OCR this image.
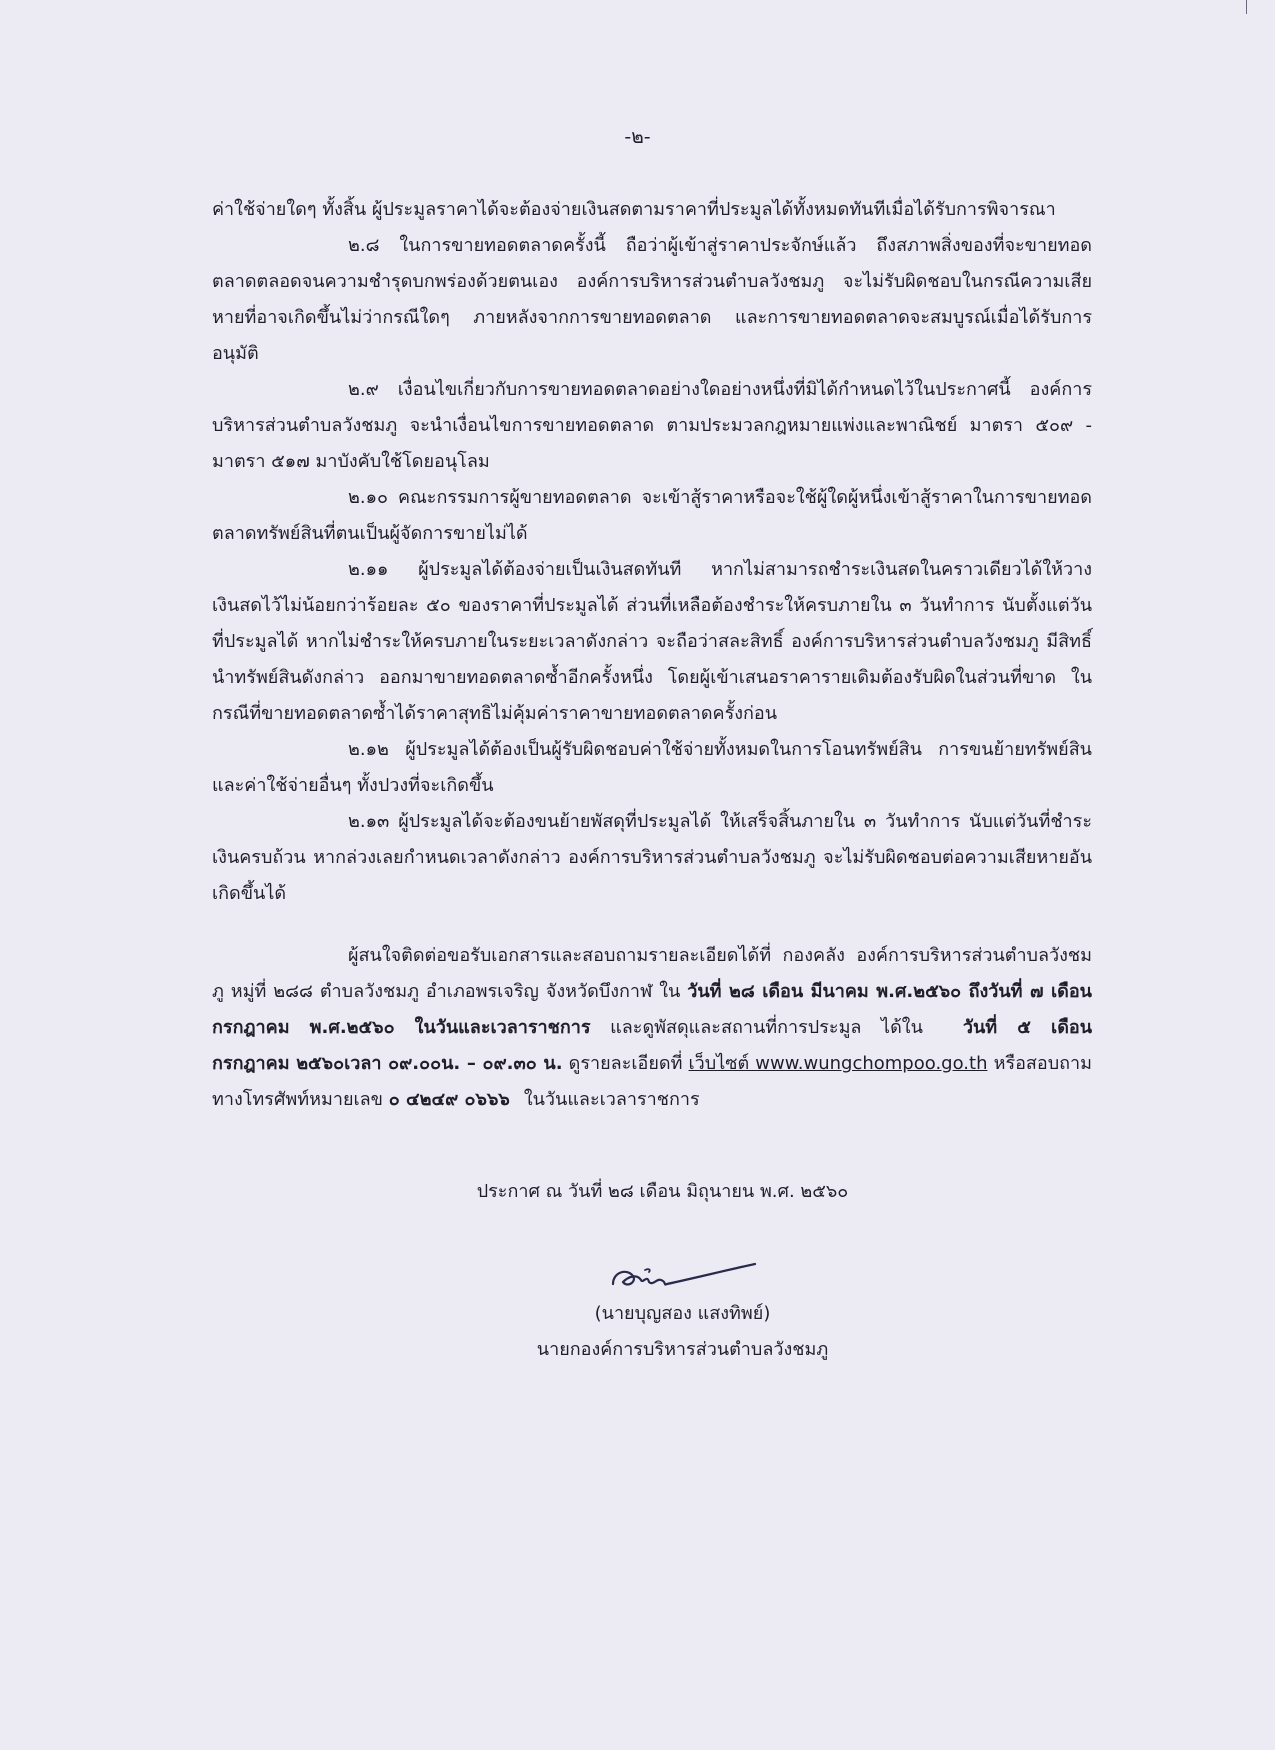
-๒-

ค่าใช้จ่ายใดๆ ทั้งสิ้น ผู้ประมูลราคาได้จะต้องจ่ายเงินสดตามราคาที่ประมูลได้ทั้งหมดทันทีเมื่อได้รับการพิจารณา

๒.๘ ในการขายทอดตลาดครั้งนี้ ถือว่าผู้เข้าสู่ราคาประจักษ์แล้ว ถึงสภาพสิ่งของที่จะขายทอดตลาดตลอดจนความชำรุดบกพร่องด้วยตนเอง องค์การบริหารส่วนตำบลวังชมภู จะไม่รับผิดชอบในกรณีความเสียหายที่อาจเกิดขึ้นไม่ว่ากรณีใดๆ ภายหลังจากการขายทอดตลาด และการขายทอดตลาดจะสมบูรณ์เมื่อได้รับการอนุมัติ

๒.๙ เงื่อนไขเกี่ยวกับการขายทอดตลาดอย่างใดอย่างหนึ่งที่มิได้กำหนดไว้ในประกาศนี้ องค์การบริหารส่วนตำบลวังชมภู จะนำเงื่อนไขการขายทอดตลาด ตามประมวลกฎหมายแพ่งและพาณิชย์ มาตรา ๕๐๙ - มาตรา ๕๑๗ มาบังคับใช้โดยอนุโลม

๒.๑๐ คณะกรรมการผู้ขายทอดตลาด จะเข้าสู้ราคาหรือจะใช้ผู้ใดผู้หนึ่งเข้าสู้ราคาในการขายทอดตลาดทรัพย์สินที่ตนเป็นผู้จัดการขายไม่ได้

๒.๑๑ ผู้ประมูลได้ต้องจ่ายเป็นเงินสดทันที หากไม่สามารถชำระเงินสดในคราวเดียวได้ให้วางเงินสดไว้ไม่น้อยกว่าร้อยละ ๕๐ ของราคาที่ประมูลได้ ส่วนที่เหลือต้องชำระให้ครบภายใน ๓ วันทำการ นับตั้งแต่วันที่ประมูลได้ หากไม่ชำระให้ครบภายในระยะเวลาดังกล่าว จะถือว่าสละสิทธิ์ องค์การบริหารส่วนตำบลวังชมภู มีสิทธิ์นำทรัพย์สินดังกล่าว ออกมาขายทอดตลาดซ้ำอีกครั้งหนึ่ง โดยผู้เข้าเสนอราคารายเดิมต้องรับผิดในส่วนที่ขาด ในกรณีที่ขายทอดตลาดซ้ำได้ราคาสุทธิไม่คุ้มค่าราคาขายทอดตลาดครั้งก่อน

๒.๑๒ ผู้ประมูลได้ต้องเป็นผู้รับผิดชอบค่าใช้จ่ายทั้งหมดในการโอนทรัพย์สิน การขนย้ายทรัพย์สิน และค่าใช้จ่ายอื่นๆ ทั้งปวงที่จะเกิดขึ้น

๒.๑๓ ผู้ประมูลได้จะต้องขนย้ายพัสดุที่ประมูลได้ ให้เสร็จสิ้นภายใน ๓ วันทำการ นับแต่วันที่ชำระเงินครบถ้วน หากล่วงเลยกำหนดเวลาดังกล่าว องค์การบริหารส่วนตำบลวังชมภู จะไม่รับผิดชอบต่อความเสียหายอันเกิดขึ้นได้

ผู้สนใจติดต่อขอรับเอกสารและสอบถามรายละเอียดได้ที่ กองคลัง องค์การบริหารส่วนตำบลวังชมภู หมู่ที่ ๒๘๘ ตำบลวังชมภู อำเภอพรเจริญ จังหวัดบึงกาฬ ใน วันที่ ๒๘ เดือน มีนาคม พ.ศ.๒๕๖๐ ถึงวันที่ ๗ เดือน กรกฎาคม พ.ศ.๒๕๖๐ ในวันและเวลาราชการ และดูพัสดุและสถานที่การประมูล ได้ใน วันที่ ๕ เดือน กรกฎาคม ๒๕๖๐เวลา ๐๙.๐๐น. – ๐๙.๓๐ น. ดูรายละเอียดที่ เว็บไซต์ www.wungchompoo.go.th หรือสอบถามทางโทรศัพท์หมายเลข ๐ ๔๒๔๙ ๐๖๖๖ ในวันและเวลาราชการ

ประกาศ ณ วันที่ ๒๘ เดือน มิถุนายน พ.ศ. ๒๕๖๐
(นายบุญสอง แสงทิพย์)
นายกองค์การบริหารส่วนตำบลวังชมภู
